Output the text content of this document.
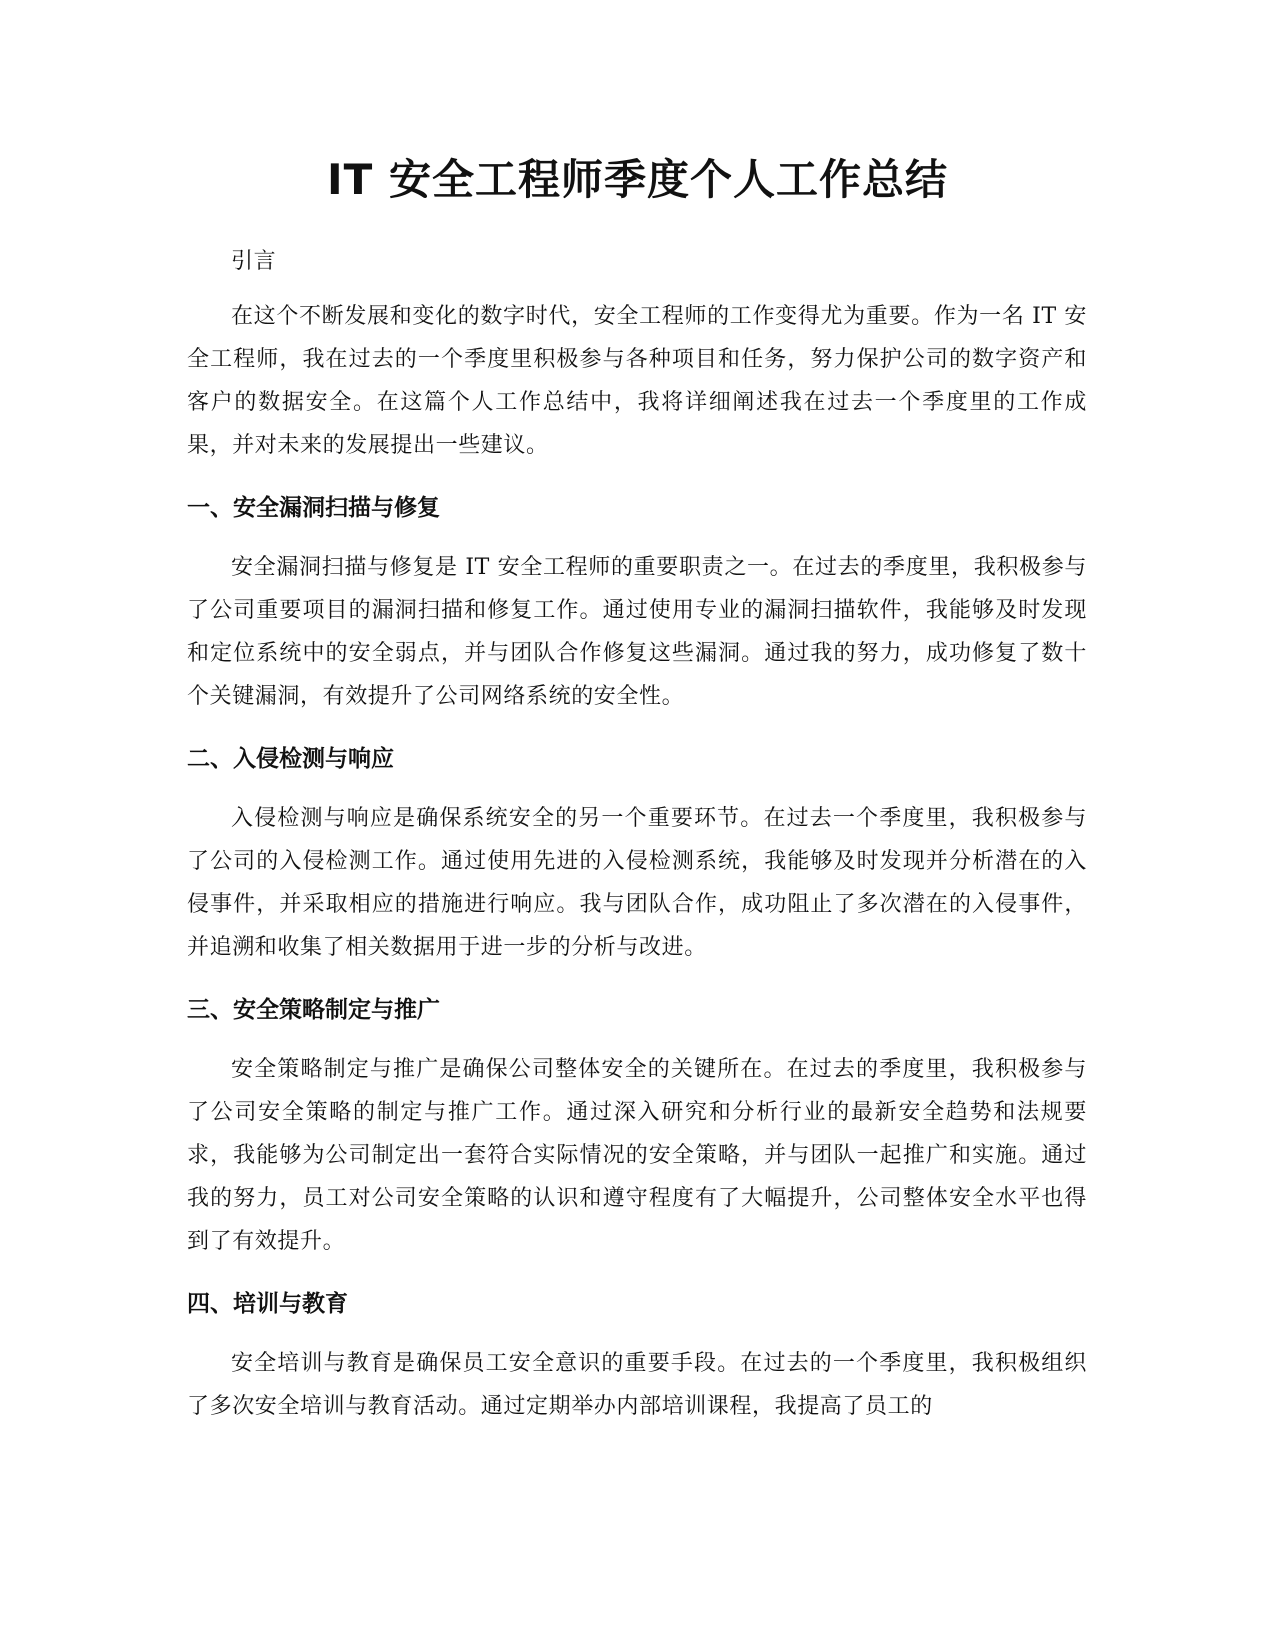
IT 安全工程师季度个人工作总结

引言

在这个不断发展和变化的数字时代，安全工程师的工作变得尤为重要。作为一名 IT 安全工程师，我在过去的一个季度里积极参与各种项目和任务，努力保护公司的数字资产和客户的数据安全。在这篇个人工作总结中，我将详细阐述我在过去一个季度里的工作成果，并对未来的发展提出一些建议。

一、安全漏洞扫描与修复

安全漏洞扫描与修复是 IT 安全工程师的重要职责之一。在过去的季度里，我积极参与了公司重要项目的漏洞扫描和修复工作。通过使用专业的漏洞扫描软件，我能够及时发现和定位系统中的安全弱点，并与团队合作修复这些漏洞。通过我的努力，成功修复了数十个关键漏洞，有效提升了公司网络系统的安全性。

二、入侵检测与响应

入侵检测与响应是确保系统安全的另一个重要环节。在过去一个季度里，我积极参与了公司的入侵检测工作。通过使用先进的入侵检测系统，我能够及时发现并分析潜在的入侵事件，并采取相应的措施进行响应。我与团队合作，成功阻止了多次潜在的入侵事件，并追溯和收集了相关数据用于进一步的分析与改进。

三、安全策略制定与推广

安全策略制定与推广是确保公司整体安全的关键所在。在过去的季度里，我积极参与了公司安全策略的制定与推广工作。通过深入研究和分析行业的最新安全趋势和法规要求，我能够为公司制定出一套符合实际情况的安全策略，并与团队一起推广和实施。通过我的努力，员工对公司安全策略的认识和遵守程度有了大幅提升，公司整体安全水平也得到了有效提升。

四、培训与教育

安全培训与教育是确保员工安全意识的重要手段。在过去的一个季度里，我积极组织了多次安全培训与教育活动。通过定期举办内部培训课程，我提高了员工的
